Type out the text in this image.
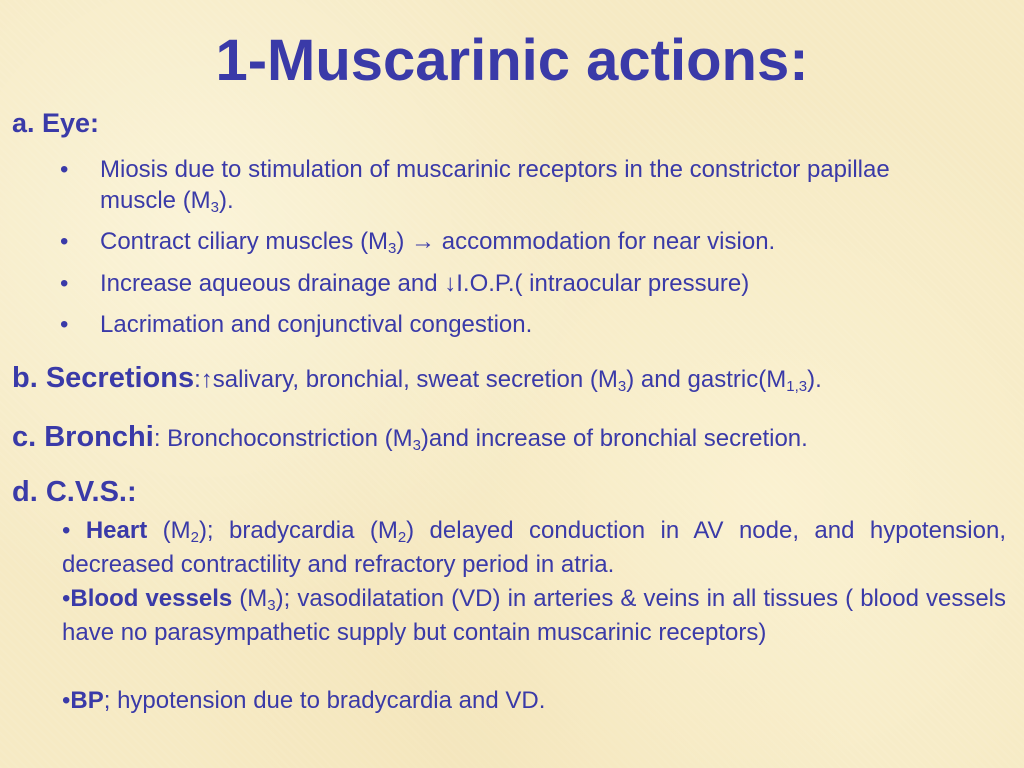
1-Muscarinic actions:
a. Eye:
• Miosis due to stimulation of muscarinic receptors in the constrictor papillae muscle $(M_3)$.
• Contract ciliary muscles $(M_3)$ → accommodation for near vision.
• Increase aqueous drainage and ↓I.O.P.( intraocular pressure)
• Lacrimation and conjunctival congestion.
b. Secretions:↑salivary, bronchial, sweat secretion $(M_3)$ and $gastric(M_{1,3})$.
c. Bronchi: Bronchoconstriction $(M_3)and$ increase of bronchial secretion.
d. C.V.S.:

• Heart $(M_2)$; bradycardia $(M_2)$ delayed conduction in AV node, and hypotension, decreased contractility and refractory period in atria.

•Blood vessels $(M_3)$; vasodilatation (VD) in arteries & veins in all tissues ( blood vessels have no parasympathetic supply but contain muscarinic receptors)

•BP; hypotension due to bradycardia and VD.
